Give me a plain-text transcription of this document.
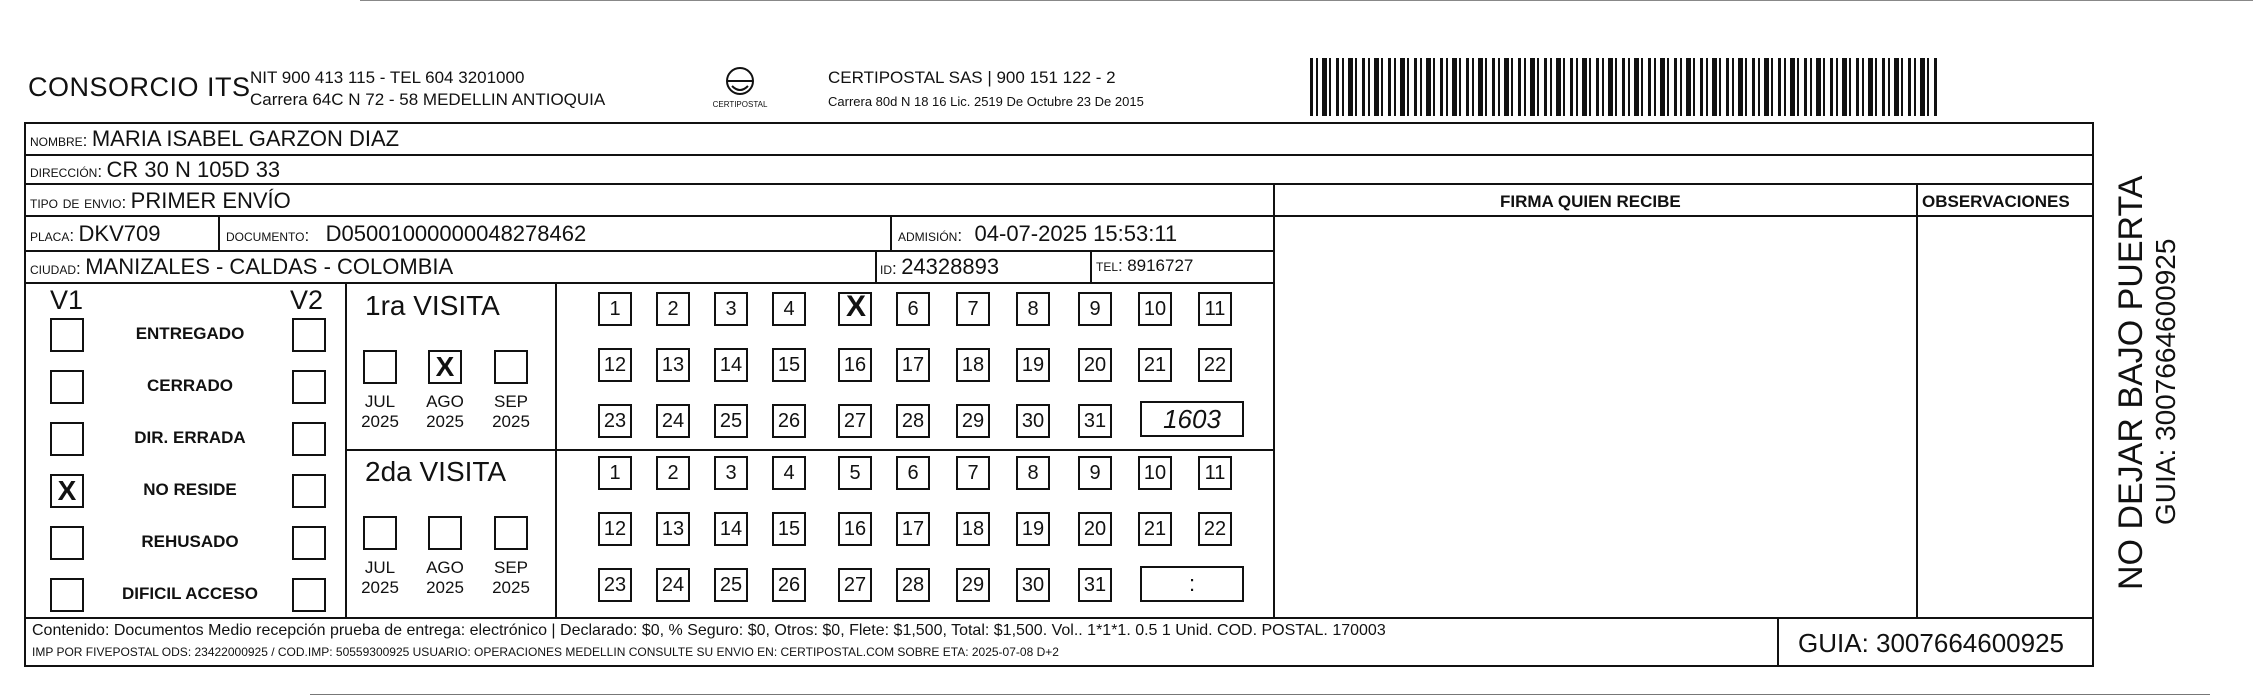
CONSORCIO ITS NIT 900 413 115 - TEL 604 3201000
Carrera 64C N 72 - 58 MEDELLIN ANTIOQUIA	CERTIPOSTAL
CERTIPOSTAL SAS | 900 151 122 - 2
Carrera 80d N 18 16 Lic. 2519 De Octubre 23 De 2015
nombre: MARIA ISABEL GARZON DIAZ
dirección: CR 30 N 105D 33
tipo de envio: PRIMER ENVÍO	FIRMA QUIEN RECIBE	OBSERVACIONES
placa: DKV709	documento: D05001000000048278462	admisión: 04-07-2025 15:53:11
ciudad: MANIZALES - CALDAS - COLOMBIA	id: 24328893	tel: 8916727
V1	V2
ENTREGADO
CERRADO
DIR. ERRADA
X	NO RESIDE
REHUSADO
DIFICIL ACCESO
1ra VISITA
X
JUL
2025
AGO
2025
SEP
2025
1	2	3	4	X	6	7	8	9	10	11
12 13 14 15 16 17 18 19 20 21 22
23 24 25 26 27 28 29 30 31	1603
2da VISITA
JUL
2025
AGO
2025
SEP
2025
1	2	3	4	5	6	7	8	9	10	11
12 13 14 15 16 17 18 19 20 21 22
23 24 25 26 27 28 29 30 31	:
Contenido: Documentos Medio recepción prueba de entrega: electrónico | Declarado: $0, % Seguro: $0, Otros: $0, Flete: $1,500, Total: $1,500. Vol.. 1*1*1. 0.5 1 Unid. COD. POSTAL. 170003
IMP POR FIVEPOSTAL ODS: 23422000925 / COD.IMP: 50559300925 USUARIO: OPERACIONES MEDELLIN CONSULTE SU ENVIO EN: CERTIPOSTAL.COM SOBRE ETA: 2025-07-08 D+2	GUIA: 3007664600925
NO DEJAR BAJO PUERTA GUIA: 3007664600925
